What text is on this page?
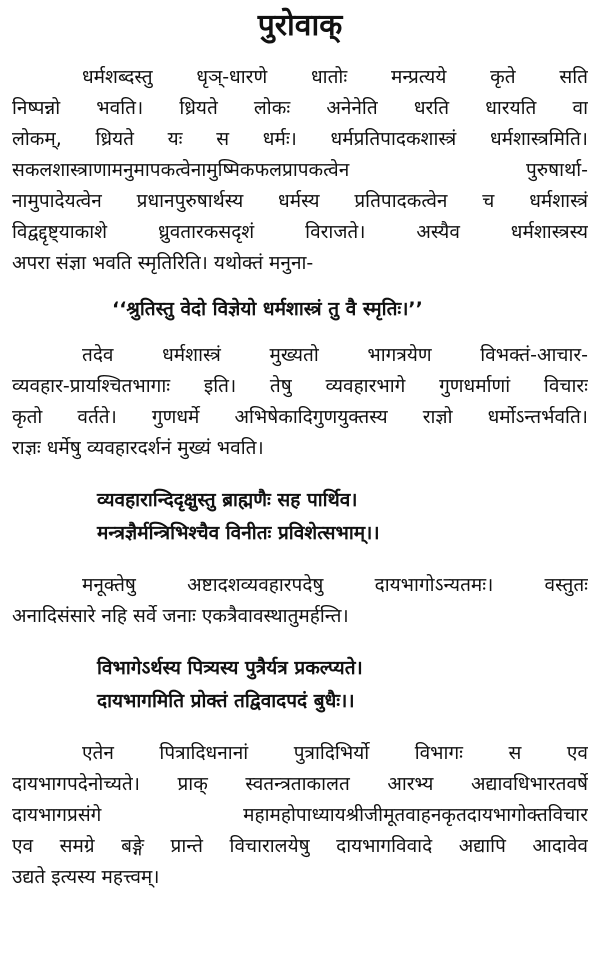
पुरोवाक्
धर्मशब्दस्तु धृञ्-धारणे धातोः मन्प्रत्यये कृते सति
निष्पन्नो भवति। ध्रियते लोकः अनेनेति धरति धारयति वा
लोकम्, ध्रियते यः स धर्मः। धर्मप्रतिपादकशास्त्रं धर्मशास्त्रमिति।
सकलशास्त्राणामनुमापकत्वेनामुष्मिकफलप्रापकत्वेन पुरुषार्था-
नामुपादेयत्वेन प्रधानपुरुषार्थस्य धर्मस्य प्रतिपादकत्वेन च धर्मशास्त्रं
विद्वद्दृष्ट्याकाशे ध्रुवतारकसदृशं विराजते। अस्यैव धर्मशास्त्रस्य
अपरा संज्ञा भवति स्मृतिरिति। यथोक्तं मनुना-
‘‘श्रुतिस्तु वेदो विज्ञेयो धर्मशास्त्रं तु वै स्मृतिः।’’
तदेव धर्मशास्त्रं मुख्यतो भागत्रयेण विभक्तं-आचार-
व्यवहार-प्रायश्चितभागाः इति। तेषु व्यवहारभागे गुणधर्माणां विचारः
कृतो वर्तते। गुणधर्मे अभिषेकादिगुणयुक्तस्य राज्ञो धर्मोऽन्तर्भवति।
राज्ञः धर्मेषु व्यवहारदर्शनं मुख्यं भवति।
व्यवहारान्दिदृक्षुस्तु ब्राह्मणैः सह पार्थिव।
मन्त्रज्ञैर्मन्त्रिभिश्चैव विनीतः प्रविशेत्सभाम्।।
मनूक्तेषु अष्टादशव्यवहारपदेषु दायभागोऽन्यतमः। वस्तुतः
अनादिसंसारे नहि सर्वे जनाः एकत्रैवावस्थातुमर्हन्ति।
विभागेऽर्थस्य पित्र्यस्य पुत्रैर्यत्र प्रकल्प्यते।
दायभागमिति प्रोक्तं तद्विवादपदं बुधैः।।
एतेन पित्रादिधनानां पुत्रादिभिर्यो विभागः स एव
दायभागपदेनोच्यते। प्राक् स्वतन्त्रताकालत आरभ्य अद्यावधिभारतवर्षे
दायभागप्रसंगे महामहोपाध्यायश्रीजीमूतवाहनकृतदायभागोक्तविचार
एव समग्रे बङ्गे प्रान्ते विचारालयेषु दायभागविवादे अद्यापि आदावेव
उद्यते इत्यस्य महत्त्वम्।
